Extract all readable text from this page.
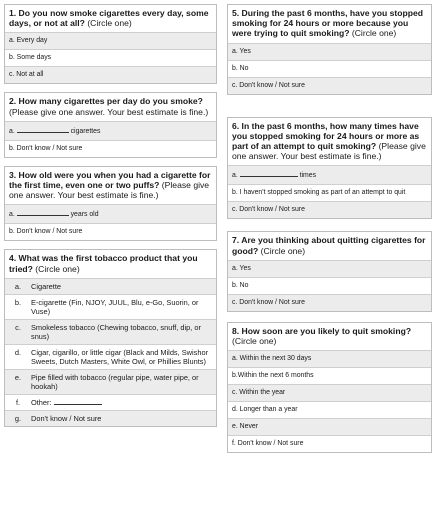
1. Do you now smoke cigarettes every day, some days, or not at all? (Circle one)
a. Every day
b. Some days
c. Not at all
2. How many cigarettes per day do you smoke? (Please give one answer. Your best estimate is fine.)
a.	cigarettes
b. Don't know / Not sure
3. How old were you when you had a cigarette for the first time, even one or two puffs? (Please give one answer. Your best estimate is fine.)
a.	years old
b. Don't know / Not sure
4. What was the first tobacco product that you tried? (Circle one)
a.	Cigarette
b.	E-cigarette (Fin, NJOY, JUUL, Blu, e-Go, Suorin, or Vuse)
c.	Smokeless tobacco (Chewing tobacco, snuff, dip, or snus)
d.	Cigar, cigarillo, or little cigar (Black and Milds, Swishor Sweets, Dutch Masters, White Owl, or Phillies Blunts)
e.	Pipe filled with tobacco (regular pipe, water pipe, or hookah)
f.	Other:
g.	Don't know / Not sure
5. During the past 6 months, have you stopped smoking for 24 hours or more because you were trying to quit smoking? (Circle one)
a. Yes
b. No
c. Don't know / Not sure
6. In the past 6 months, how many times have you stopped smoking for 24 hours or more as part of an attempt to quit smoking? (Please give one answer. Your best estimate is fine.)
a.	times
b. I haven't stopped smoking as part of an attempt to quit
c. Don't know / Not sure
7. Are you thinking about quitting cigarettes for good? (Circle one)
a. Yes
b. No
c. Don't know / Not sure
8. How soon are you likely to quit smoking? (Circle one)
a. Within the next 30 days
b.Within the next 6 months
c. Within the year
d. Longer than a year
e. Never
f. Don't know / Not sure
